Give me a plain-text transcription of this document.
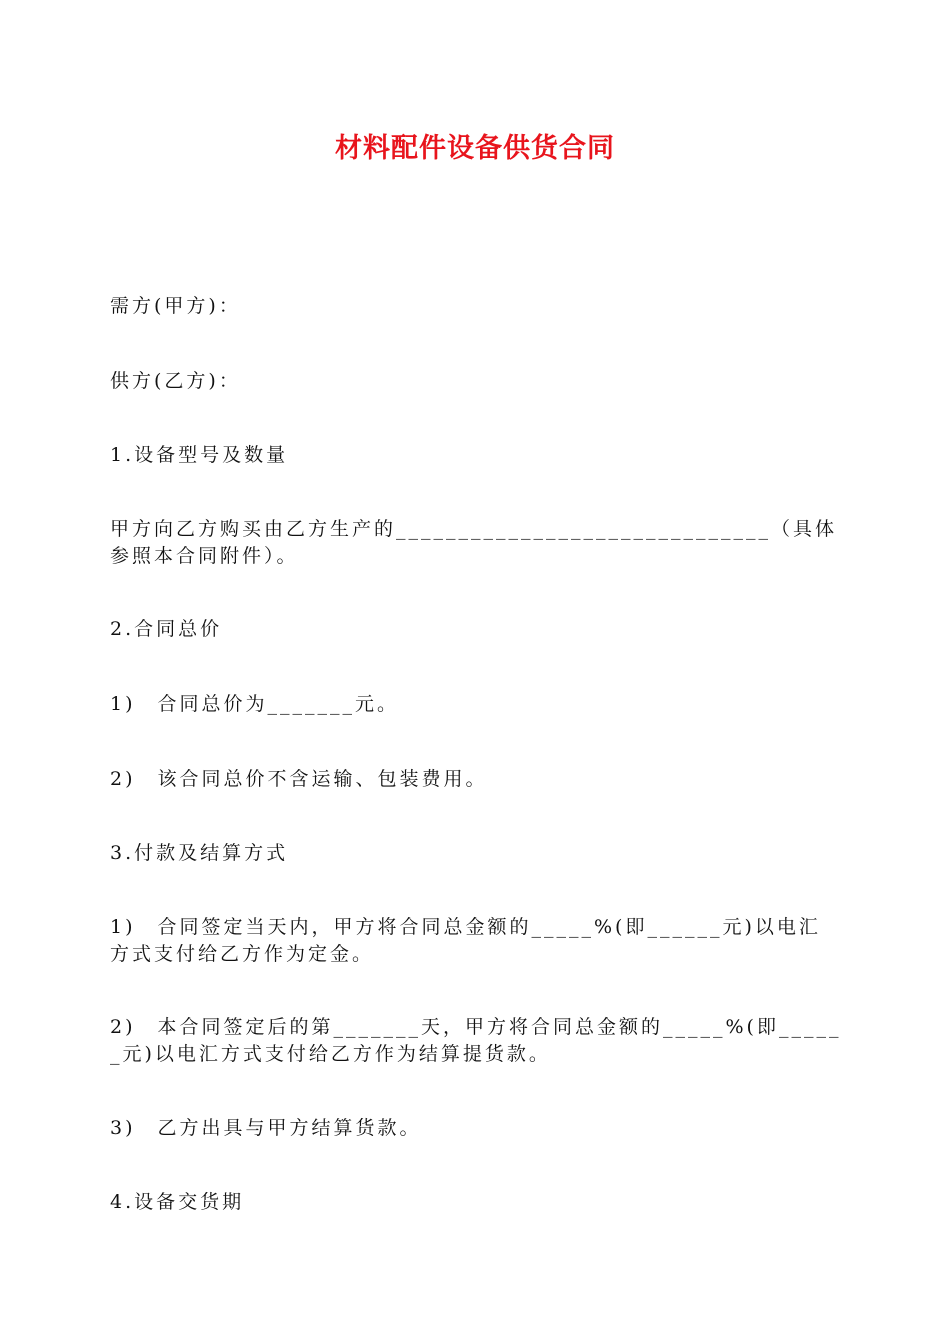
材料配件设备供货合同
需方(甲方)：
供方(乙方)：
1.设备型号及数量
甲方向乙方购买由乙方生产的______________________________（具体参照本合同附件）。
2.合同总价
1)　合同总价为_______元。
2)　该合同总价不含运输、包装费用。
3.付款及结算方式
1)　合同签定当天内，甲方将合同总金额的_____%(即______元)以电汇方式支付给乙方作为定金。
2)　本合同签定后的第_______天，甲方将合同总金额的_____%(即______元)以电汇方式支付给乙方作为结算提货款。
3)　乙方出具与甲方结算货款。
4.设备交货期
